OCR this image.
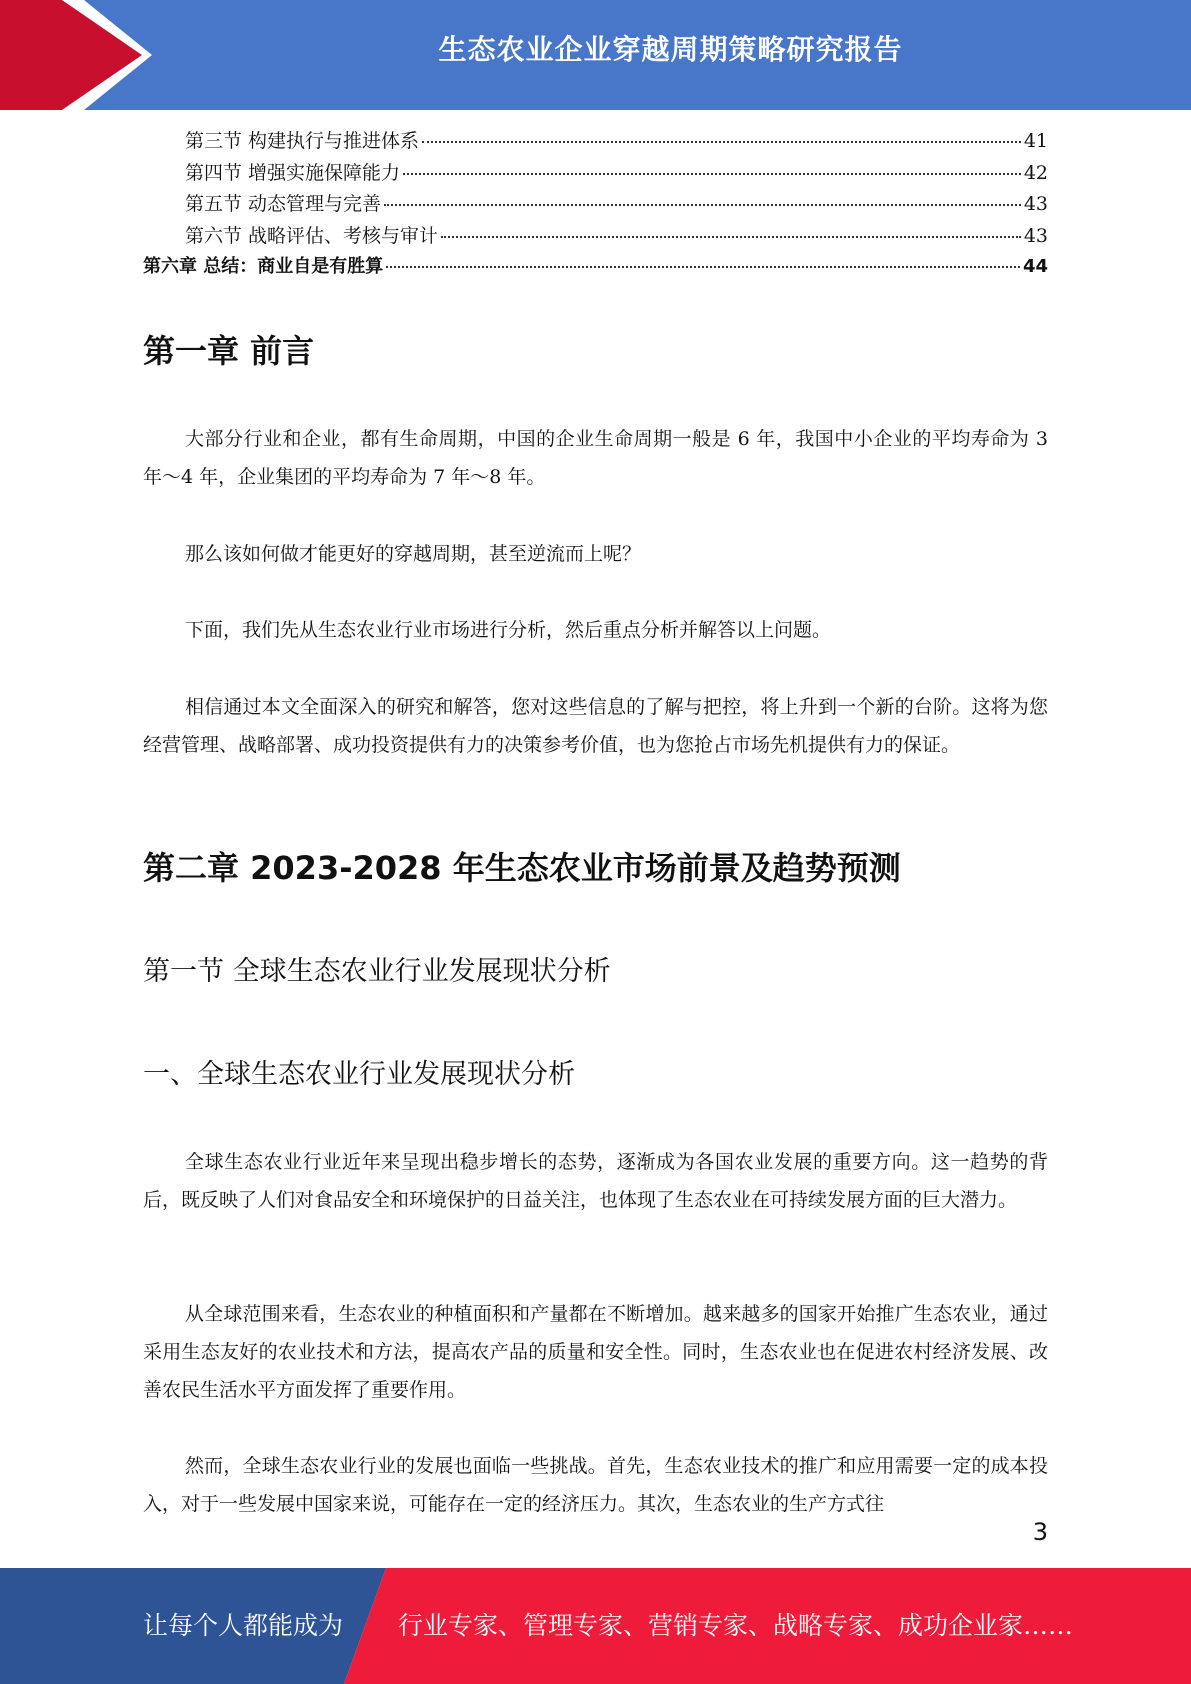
生态农业企业穿越周期策略研究报告
第三节 构建执行与推进体系	41
第四节 增强实施保障能力	42
第五节 动态管理与完善	43
第六节 战略评估、考核与审计	43
第六章 总结：商业自是有胜算	44
第一章 前言

大部分行业和企业，都有生命周期，中国的企业生命周期一般是 6 年，我国中小企业的平均寿命为 3 年～4 年，企业集团的平均寿命为 7 年～8 年。

那么该如何做才能更好的穿越周期，甚至逆流而上呢？

下面，我们先从生态农业行业市场进行分析，然后重点分析并解答以上问题。

相信通过本文全面深入的研究和解答，您对这些信息的了解与把控，将上升到一个新的台阶。这将为您经营管理、战略部署、成功投资提供有力的决策参考价值，也为您抢占市场先机提供有力的保证。

第二章 2023-2028 年生态农业市场前景及趋势预测
第一节 全球生态农业行业发展现状分析
一、全球生态农业行业发展现状分析

全球生态农业行业近年来呈现出稳步增长的态势，逐渐成为各国农业发展的重要方向。这一趋势的背后，既反映了人们对食品安全和环境保护的日益关注，也体现了生态农业在可持续发展方面的巨大潜力。

从全球范围来看，生态农业的种植面积和产量都在不断增加。越来越多的国家开始推广生态农业，通过采用生态友好的农业技术和方法，提高农产品的质量和安全性。同时，生态农业也在促进农村经济发展、改善农民生活水平方面发挥了重要作用。

然而，全球生态农业行业的发展也面临一些挑战。首先，生态农业技术的推广和应用需要一定的成本投入，对于一些发展中国家来说，可能存在一定的经济压力。其次，生态农业的生产方式往

3
让每个人都能成为 行业专家、管理专家、营销专家、战略专家、成功企业家……
